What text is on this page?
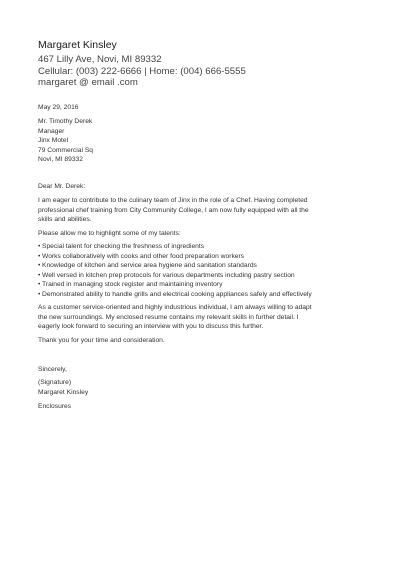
Margaret Kinsley
467 Lilly Ave, Novi, MI 89332
Cellular: (003) 222-6666 | Home: (004) 666-5555
margaret @ email .com
May 29, 2016
Mr. Timothy Derek
Manager
Jinx Motel
79 Commercial Sq
Novi, MI 89332
Dear Mr. Derek:
I am eager to contribute to the culinary team of Jinx in the role of a Chef. Having completed
professional chef training from City Community College, I am now fully equipped with all the
skills and abilities.
Please allow me to highlight some of my talents:
• Special talent for checking the freshness of ingredients
• Works collaboratively with cooks and other food preparation workers
• Knowledge of kitchen and service area hygiene and sanitation standards
• Well versed in kitchen prep protocols for various departments including pastry section
• Trained in managing stock register and maintaining inventory
• Demonstrated ability to handle grills and electrical cooking appliances safely and effectively
As a customer service-oriented and highly industrious individual, I am always willing to adapt
the new surroundings. My enclosed resume contains my relevant skills in further detail. I
eagerly look forward to securing an interview with you to discuss this further.
Thank you for your time and consideration.
Sincerely,
(Signature)
Margaret Kinsley
Enclosures
